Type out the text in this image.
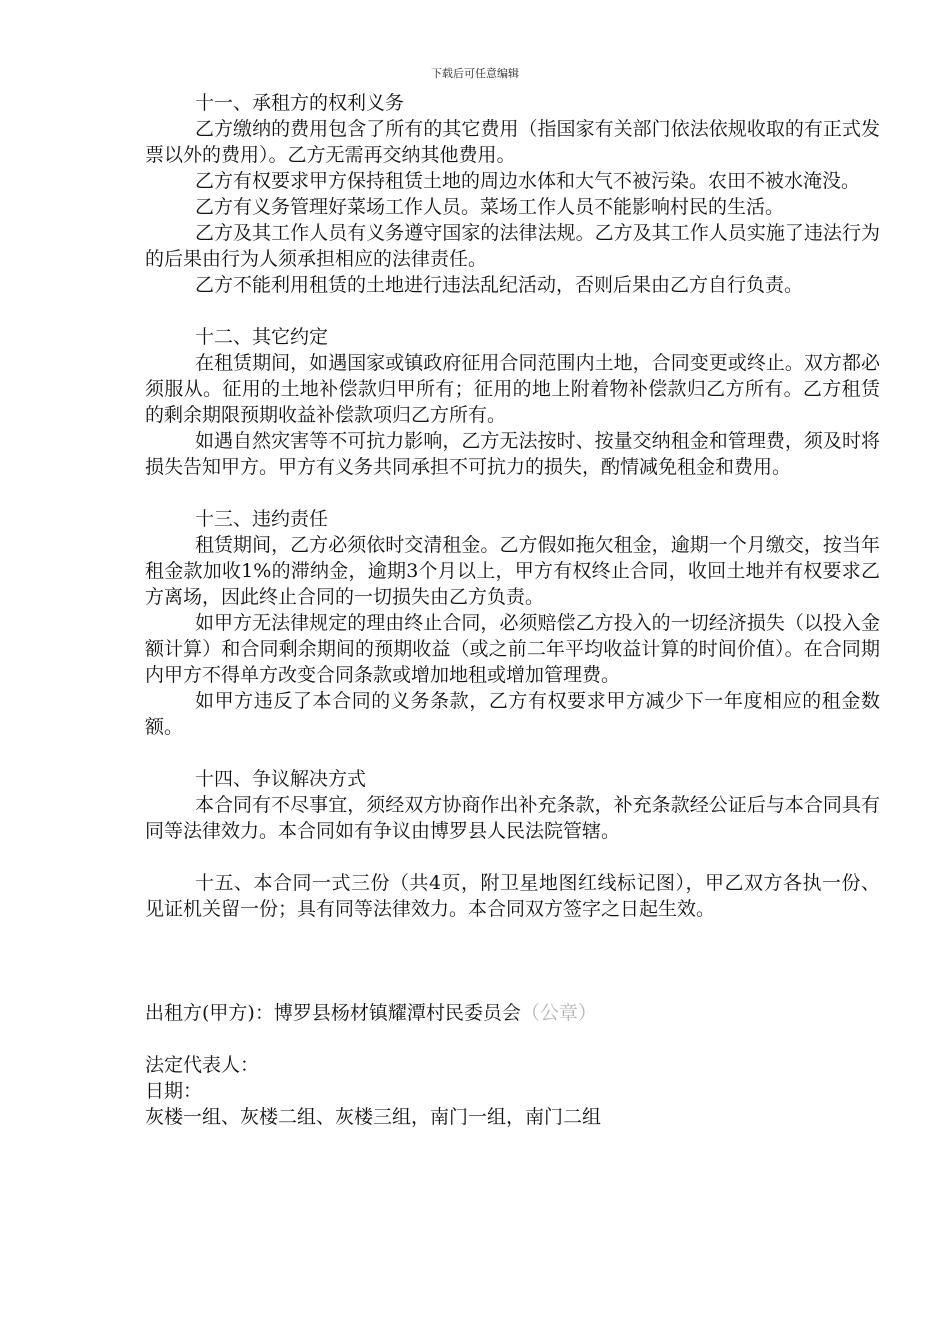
下载后可任意编辑

十一、承租方的权利义务

乙方缴纳的费用包含了所有的其它费用（指国家有关部门依法依规收取的有正式发票以外的费用）。乙方无需再交纳其他费用。

乙方有权要求甲方保持租赁土地的周边水体和大气不被污染。农田不被水淹没。

乙方有义务管理好菜场工作人员。菜场工作人员不能影响村民的生活。

乙方及其工作人员有义务遵守国家的法律法规。乙方及其工作人员实施了违法行为的后果由行为人须承担相应的法律责任。

乙方不能利用租赁的土地进行违法乱纪活动，否则后果由乙方自行负责。

十二、其它约定

在租赁期间，如遇国家或镇政府征用合同范围内土地，合同变更或终止。双方都必须服从。征用的土地补偿款归甲所有；征用的地上附着物补偿款归乙方所有。乙方租赁的剩余期限预期收益补偿款项归乙方所有。

如遇自然灾害等不可抗力影响，乙方无法按时、按量交纳租金和管理费，须及时将损失告知甲方。甲方有义务共同承担不可抗力的损失，酌情减免租金和费用。

十三、违约责任

租赁期间，乙方必须依时交清租金。乙方假如拖欠租金，逾期一个月缴交，按当年租金款加收1%的滞纳金，逾期3个月以上，甲方有权终止合同，收回土地并有权要求乙方离场，因此终止合同的一切损失由乙方负责。

如甲方无法律规定的理由终止合同，必须赔偿乙方投入的一切经济损失（以投入金额计算）和合同剩余期间的预期收益（或之前二年平均收益计算的时间价值）。在合同期内甲方不得单方改变合同条款或增加地租或增加管理费。

如甲方违反了本合同的义务条款，乙方有权要求甲方减少下一年度相应的租金数额。

十四、争议解决方式

本合同有不尽事宜，须经双方协商作出补充条款，补充条款经公证后与本合同具有同等法律效力。本合同如有争议由博罗县人民法院管辖。

十五、本合同一式三份（共4页，附卫星地图红线标记图），甲乙双方各执一份、见证机关留一份；具有同等法律效力。本合同双方签字之日起生效。

出租方(甲方)：博罗县杨材镇耀潭村民委员会（公章）

法定代表人：

日期：

灰楼一组、灰楼二组、灰楼三组，南门一组，南门二组
